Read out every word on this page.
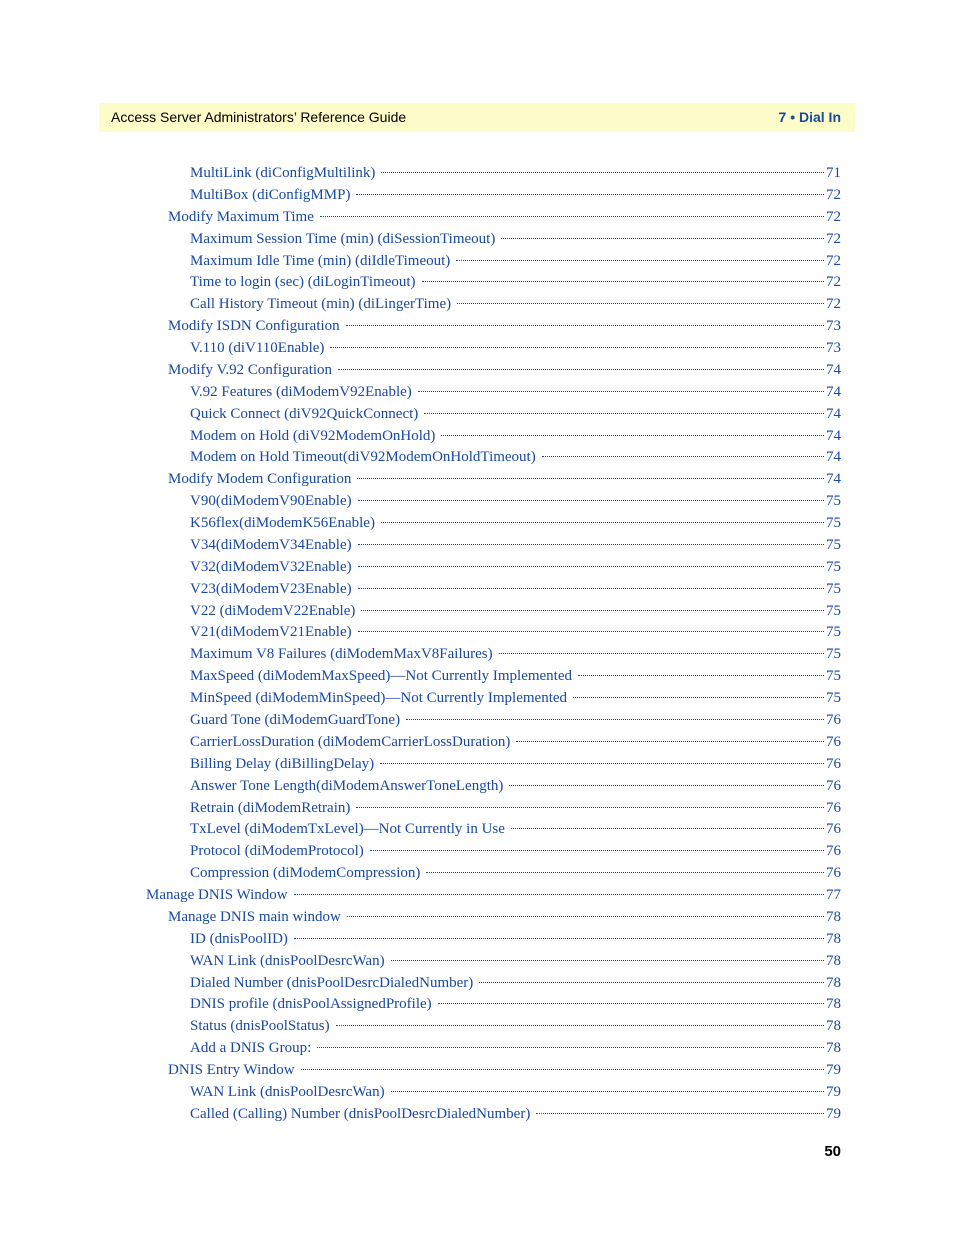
Access Server Administrators’ Reference Guide	7 • Dial In
MultiLink (diConfigMultilink)	71
MultiBox (diConfigMMP)	72
Modify Maximum Time	72
Maximum Session Time (min) (diSessionTimeout)	72
Maximum Idle Time (min) (diIdleTimeout)	72
Time to login (sec) (diLoginTimeout)	72
Call History Timeout (min) (diLingerTime)	72
Modify ISDN Configuration	73
V.110 (diV110Enable)	73
Modify V.92 Configuration	74
V.92 Features (diModemV92Enable)	74
Quick Connect (diV92QuickConnect)	74
Modem on Hold (diV92ModemOnHold)	74
Modem on Hold Timeout(diV92ModemOnHoldTimeout)	74
Modify Modem Configuration	74
V90(diModemV90Enable)	75
K56flex(diModemK56Enable)	75
V34(diModemV34Enable)	75
V32(diModemV32Enable)	75
V23(diModemV23Enable)	75
V22 (diModemV22Enable)	75
V21(diModemV21Enable)	75
Maximum V8 Failures (diModemMaxV8Failures)	75
MaxSpeed (diModemMaxSpeed)—Not Currently Implemented	75
MinSpeed (diModemMinSpeed)—Not Currently Implemented	75
Guard Tone (diModemGuardTone)	76
CarrierLossDuration (diModemCarrierLossDuration)	76
Billing Delay (diBillingDelay)	76
Answer Tone Length(diModemAnswerToneLength)	76
Retrain (diModemRetrain)	76
TxLevel (diModemTxLevel)—Not Currently in Use	76
Protocol (diModemProtocol)	76
Compression (diModemCompression)	76
Manage DNIS Window	77
Manage DNIS main window	78
ID (dnisPoolID)	78
WAN Link (dnisPoolDesrcWan)	78
Dialed Number (dnisPoolDesrcDialedNumber)	78
DNIS profile (dnisPoolAssignedProfile)	78
Status (dnisPoolStatus)	78
Add a DNIS Group:	78
DNIS Entry Window	79
WAN Link (dnisPoolDesrcWan)	79
Called (Calling) Number (dnisPoolDesrcDialedNumber)	79
50
